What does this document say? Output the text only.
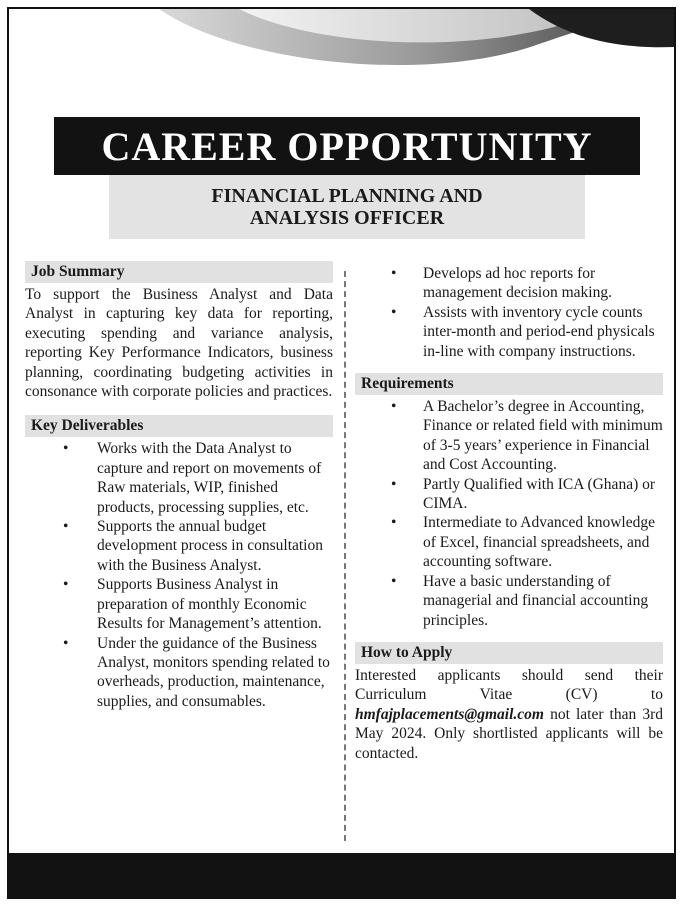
CAREER OPPORTUNITY
FINANCIAL PLANNING AND
ANALYSIS OFFICER
Job Summary

To support the Business Analyst and Data Analyst in capturing key data for reporting, executing spending and variance analysis, reporting Key Performance Indicators, business planning, coordinating budgeting activities in consonance with corporate policies and practices.

Key Deliverables
• Works with the Data Analyst to capture and report on movements of Raw materials, WIP, finished products, processing supplies, etc.
• Supports the annual budget development process in consultation with the Business Analyst.
• Supports Business Analyst in preparation of monthly Economic Results for Management’s attention.
• Under the guidance of the Business Analyst, monitors spending related to overheads, production, maintenance, supplies, and consumables.
• Develops ad hoc reports for management decision making.
• Assists with inventory cycle counts inter-month and period-end physicals in-line with company instructions.
Requirements
• A Bachelor’s degree in Accounting, Finance or related field with minimum of 3-5 years’ experience in Financial and Cost Accounting.
• Partly Qualified with ICA (Ghana) or CIMA.
• Intermediate to Advanced knowledge of Excel, financial spreadsheets, and accounting software.
• Have a basic understanding of managerial and financial accounting principles.
How to Apply

Interested applicants should send their Curriculum Vitae (CV) to hmfajplacements@gmail.com not later than 3rd May 2024. Only shortlisted applicants will be contacted.
